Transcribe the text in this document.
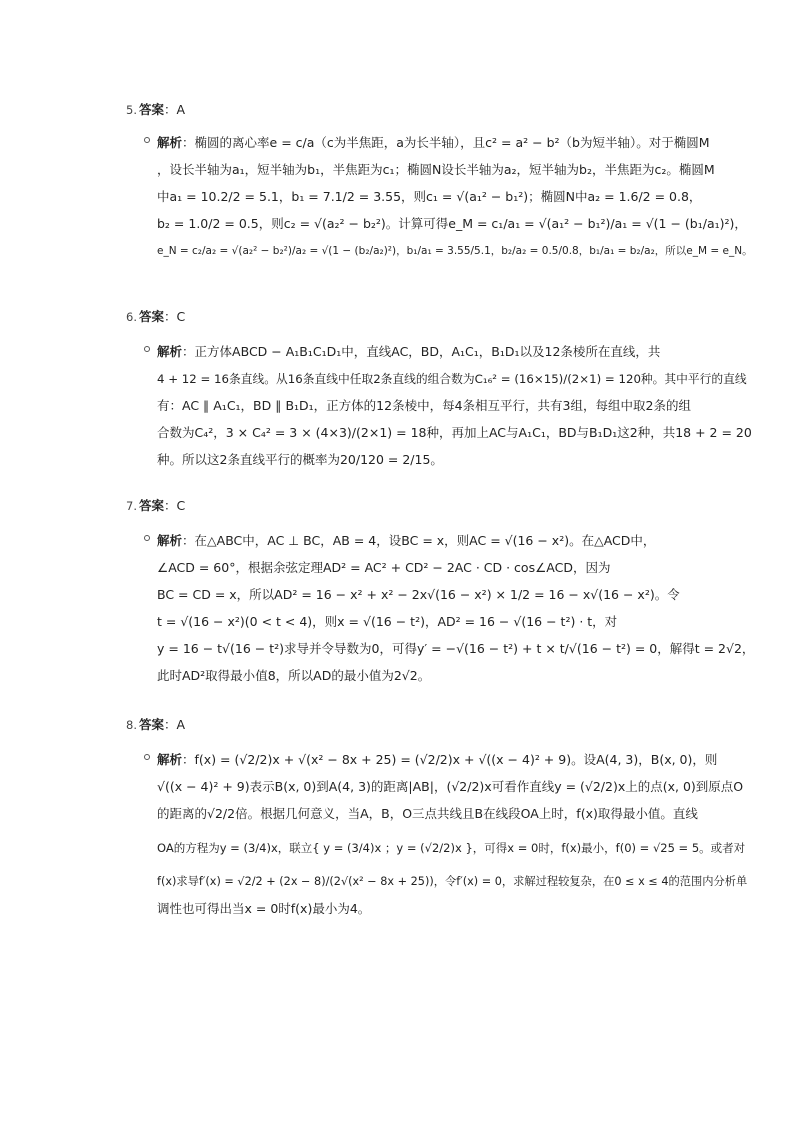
5. 答案：A
解析：椭圆的离心率e = c/a（c为半焦距，a为长半轴），且c² = a² − b²（b为短半轴）。对于椭圆M
，设长半轴为a₁，短半轴为b₁，半焦距为c₁；椭圆N设长半轴为a₂，短半轴为b₂，半焦距为c₂。椭圆M
中a₁ = 10.2/2 = 5.1，b₁ = 7.1/2 = 3.55，则c₁ = √(a₁² − b₁²)；椭圆N中a₂ = 1.6/2 = 0.8，
b₂ = 1.0/2 = 0.5，则c₂ = √(a₂² − b₂²)。计算可得e_M = c₁/a₁ = √(a₁² − b₁²)/a₁ = √(1 − (b₁/a₁)²)，
e_N = c₂/a₂ = √(a₂² − b₂²)/a₂ = √(1 − (b₂/a₂)²)，b₁/a₁ = 3.55/5.1，b₂/a₂ = 0.5/0.8，b₁/a₁ = b₂/a₂，所以e_M = e_N。
6. 答案：C
解析：正方体ABCD − A₁B₁C₁D₁中，直线AC，BD，A₁C₁，B₁D₁以及12条棱所在直线，共
4 + 12 = 16条直线。从16条直线中任取2条直线的组合数为C₁₆² = (16×15)/(2×1) = 120种。其中平行的直线
有：AC ∥ A₁C₁，BD ∥ B₁D₁，正方体的12条棱中，每4条相互平行，共有3组，每组中取2条的组
合数为C₄²，3 × C₄² = 3 × (4×3)/(2×1) = 18种，再加上AC与A₁C₁，BD与B₁D₁这2种，共18 + 2 = 20
种。所以这2条直线平行的概率为20/120 = 2/15。
7. 答案：C
解析：在△ABC中，AC ⊥ BC，AB = 4，设BC = x，则AC = √(16 − x²)。在△ACD中，
∠ACD = 60°，根据余弦定理AD² = AC² + CD² − 2AC · CD · cos∠ACD，因为
BC = CD = x，所以AD² = 16 − x² + x² − 2x√(16 − x²) × 1/2 = 16 − x√(16 − x²)。令
t = √(16 − x²)(0 < t < 4)，则x = √(16 − t²)，AD² = 16 − √(16 − t²) · t，对
y = 16 − t√(16 − t²)求导并令导数为0，可得y′ = −√(16 − t²) + t × t/√(16 − t²) = 0，解得t = 2√2，
此时AD²取得最小值8，所以AD的最小值为2√2。
8. 答案：A
解析：f(x) = (√2/2)x + √(x² − 8x + 25) = (√2/2)x + √((x − 4)² + 9)。设A(4, 3)，B(x, 0)，则
√((x − 4)² + 9)表示B(x, 0)到A(4, 3)的距离|AB|，(√2/2)x可看作直线y = (√2/2)x上的点(x, 0)到原点O
的距离的√2/2倍。根据几何意义，当A，B，O三点共线且B在线段OA上时，f(x)取得最小值。直线
OA的方程为y = (3/4)x，联立{ y = (3/4)x ；y = (√2/2)x }，可得x = 0时，f(x)最小，f(0) = √25 = 5。或者对
f(x)求导f′(x) = √2/2 + (2x − 8)/(2√(x² − 8x + 25))，令f′(x) = 0，求解过程较复杂，在0 ≤ x ≤ 4的范围内分析单
调性也可得出当x = 0时f(x)最小为4。
